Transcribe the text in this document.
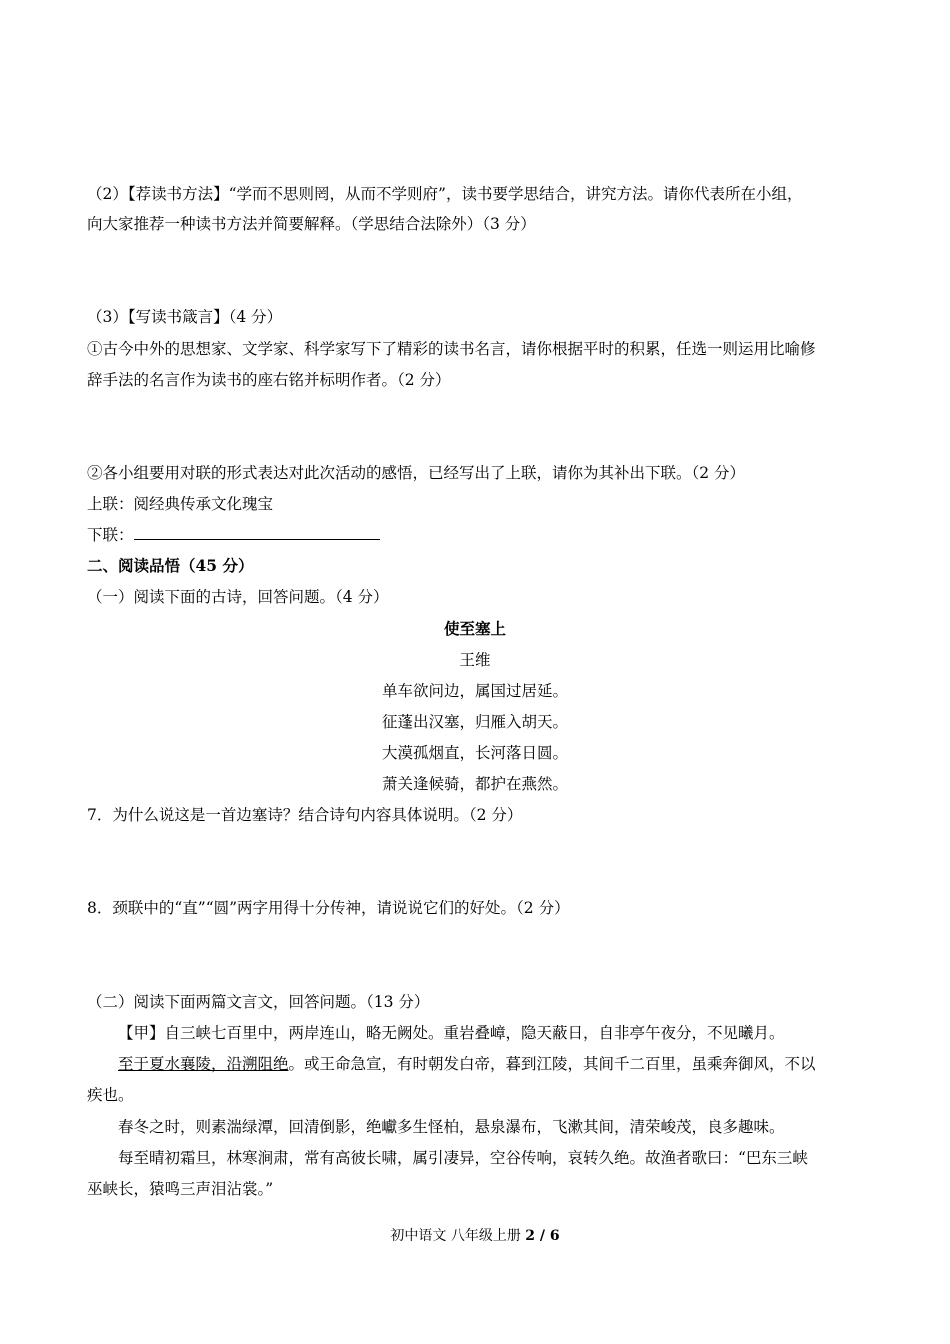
（2）【荐读书方法】“学而不思则罔，从而不学则府”，读书要学思结合，讲究方法。请你代表所在小组，
向大家推荐一种读书方法并简要解释。（学思结合法除外）（3 分）
（3）【写读书箴言】（4 分）
①古今中外的思想家、文学家、科学家写下了精彩的读书名言，请你根据平时的积累，任选一则运用比喻修
辞手法的名言作为读书的座右铭并标明作者。（2 分）
②各小组要用对联的形式表达对此次活动的感悟，已经写出了上联，请你为其补出下联。（2 分）
上联：阅经典传承文化瑰宝
下联：
二、阅读品悟（45 分）
（一）阅读下面的古诗，回答问题。（4 分）
使至塞上
王维
单车欲问边，属国过居延。
征蓬出汉塞，归雁入胡天。
大漠孤烟直，长河落日圆。
萧关逢候骑，都护在燕然。
7．为什么说这是一首边塞诗？结合诗句内容具体说明。（2 分）
8．颈联中的“直”“圆”两字用得十分传神，请说说它们的好处。（2 分）
（二）阅读下面两篇文言文，回答问题。（13 分）
【甲】自三峡七百里中，两岸连山，略无阙处。重岩叠嶂，隐天蔽日，自非亭午夜分，不见曦月。
至于夏水襄陵，沿溯阻绝。或王命急宣，有时朝发白帝，暮到江陵，其间千二百里，虽乘奔御风，不以
疾也。
春冬之时，则素湍绿潭，回清倒影，绝巘多生怪柏，悬泉瀑布，飞漱其间，清荣峻茂，良多趣味。
每至晴初霜旦，林寒涧肃，常有高彼长啸，属引凄异，空谷传响，哀转久绝。故渔者歌曰：“巴东三峡
巫峡长，猿鸣三声泪沾裳。”
初中语文 八年级上册 2 / 6
